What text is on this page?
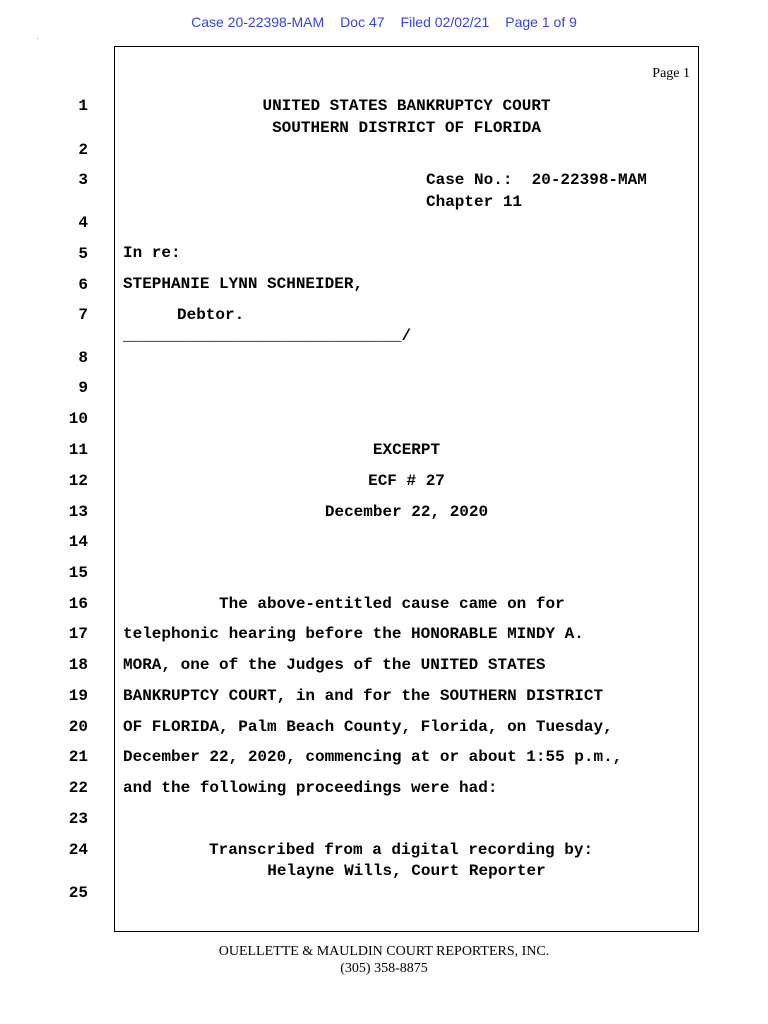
Case 20-22398-MAM Doc 47 Filed 02/02/21 Page 1 of 9
Page 1
1
2
3
4
5
6
7
8
9
10
11
12
13
14
15
16
17
18
19
20
21
22
23
24
25
UNITED STATES BANKRUPTCY COURT
SOUTHERN DISTRICT OF FLORIDA
Case No.:  20-22398-MAM
Chapter 11
In re:
STEPHANIE LYNN SCHNEIDER,
Debtor.
_____________________________/
EXCERPT
ECF # 27
December 22, 2020
The above-entitled cause came on for
telephonic hearing before the HONORABLE MINDY A.
MORA, one of the Judges of the UNITED STATES
BANKRUPTCY COURT, in and for the SOUTHERN DISTRICT
OF FLORIDA, Palm Beach County, Florida, on Tuesday,
December 22, 2020, commencing at or about 1:55 p.m.,
and the following proceedings were had:
Transcribed from a digital recording by:
Helayne Wills, Court Reporter
OUELLETTE & MAULDIN COURT REPORTERS, INC.
(305) 358-8875
